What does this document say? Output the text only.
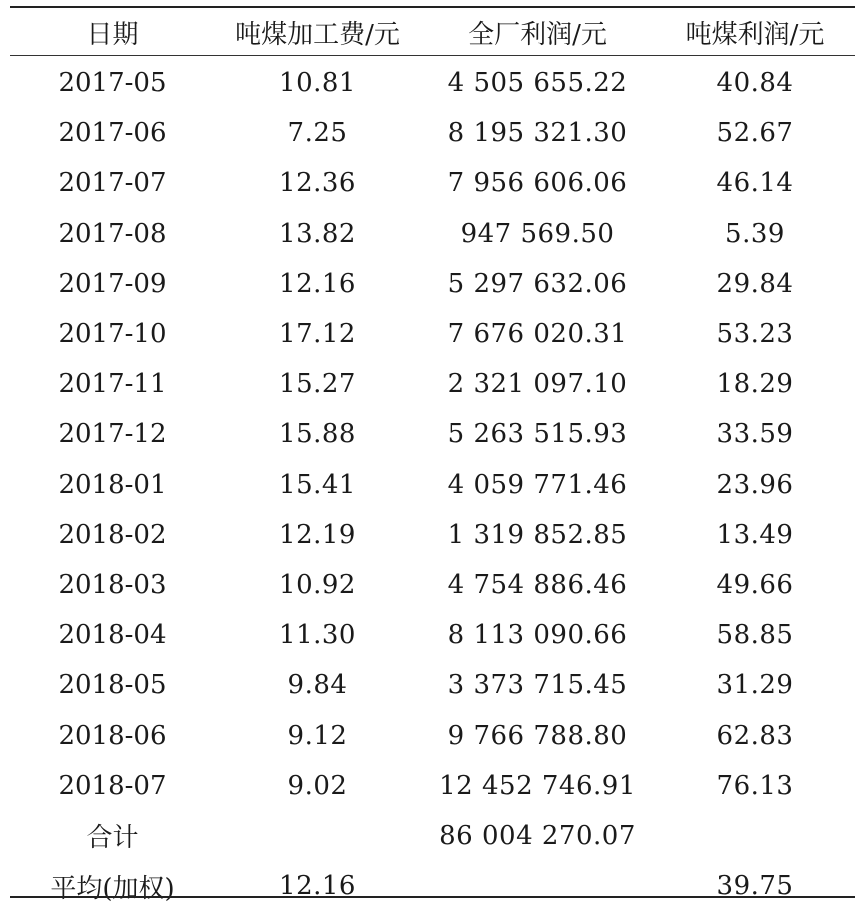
日期	吨煤加工费/元	全厂利润/元	吨煤利润/元
2017-05	10.81	4 505 655.22	40.84
2017-06	7.25	8 195 321.30	52.67
2017-07	12.36	7 956 606.06	46.14
2017-08	13.82	947 569.50	5.39
2017-09	12.16	5 297 632.06	29.84
2017-10	17.12	7 676 020.31	53.23
2017-11	15.27	2 321 097.10	18.29
2017-12	15.88	5 263 515.93	33.59
2018-01	15.41	4 059 771.46	23.96
2018-02	12.19	1 319 852.85	13.49
2018-03	10.92	4 754 886.46	49.66
2018-04	11.30	8 113 090.66	58.85
2018-05	9.84	3 373 715.45	31.29
2018-06	9.12	9 766 788.80	62.83
2018-07	9.02	12 452 746.91	76.13
合计		86 004 270.07	
平均(加权)	12.16		39.75
